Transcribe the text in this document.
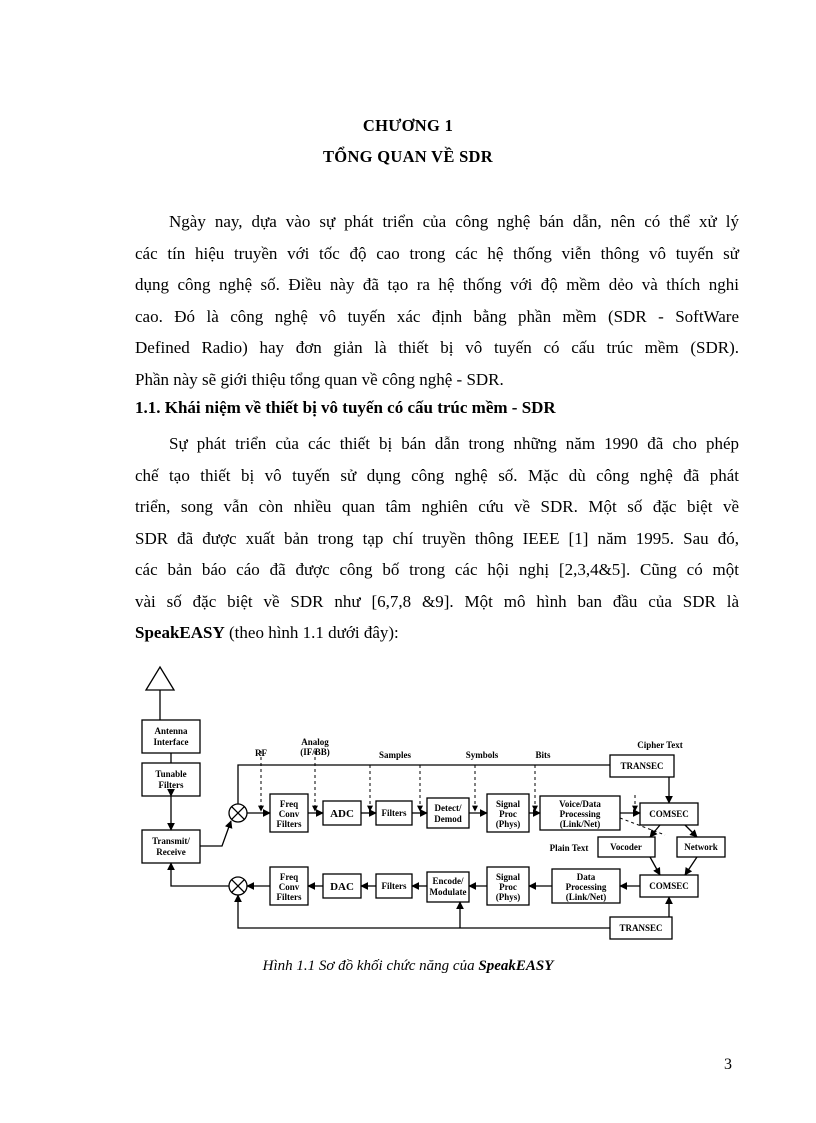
CHƯƠNG 1
TỔNG QUAN VỀ SDR

Ngày nay, dựa vào sự phát triển của công nghệ bán dẫn, nên có thể xử lý
các tín hiệu truyền với tốc độ cao trong các hệ thống viễn thông vô tuyến sử
dụng công nghệ số. Điều này đã tạo ra hệ thống với độ mềm dẻo và thích nghi
cao. Đó là công nghệ vô tuyến xác định bằng phần mềm (SDR - SoftWare
Defined Radio) hay đơn giản là thiết bị vô tuyến có cấu trúc mềm (SDR).
Phần này sẽ giới thiệu tổng quan về công nghệ - SDR.

1.1. Khái niệm về thiết bị vô tuyến có cấu trúc mềm - SDR

Sự phát triển của các thiết bị bán dẫn trong những năm 1990 đã cho phép
chế tạo thiết bị vô tuyến sử dụng công nghệ số. Mặc dù công nghệ đã phát
triển, song vẫn còn nhiều quan tâm nghiên cứu về SDR. Một số đặc biệt về
SDR đã được xuất bản trong tạp chí truyền thông IEEE [1] năm 1995. Sau đó,
các bản báo cáo đã được công bố trong các hội nghị [2,3,4&5]. Cũng có một
vài số đặc biệt về SDR như [6,7,8 &9]. Một mô hình ban đầu của SDR là
SpeakEASY (theo hình 1.1 dưới đây):

Antenna Interface
Tunable Filters
Transmit/ Receive
Freq Conv Filters
ADC	Filters	Detect/ Demod
Signal Proc (Phys)
Voice/Data Processing (Link/Net)
COMSEC
TRANSEC
Vocoder	Network
Freq Conv Filters
DAC	Filters	Encode/ Modulate
Signal Proc (Phys)
Data Processing (Link/Net)
COMSEC
TRANSEC
RF
Analog (IF/BB)	Samples	Symbols	Bits
Cipher Text
Plain Text
Hình 1.1 Sơ đồ khối chức năng của SpeakEASY
3
